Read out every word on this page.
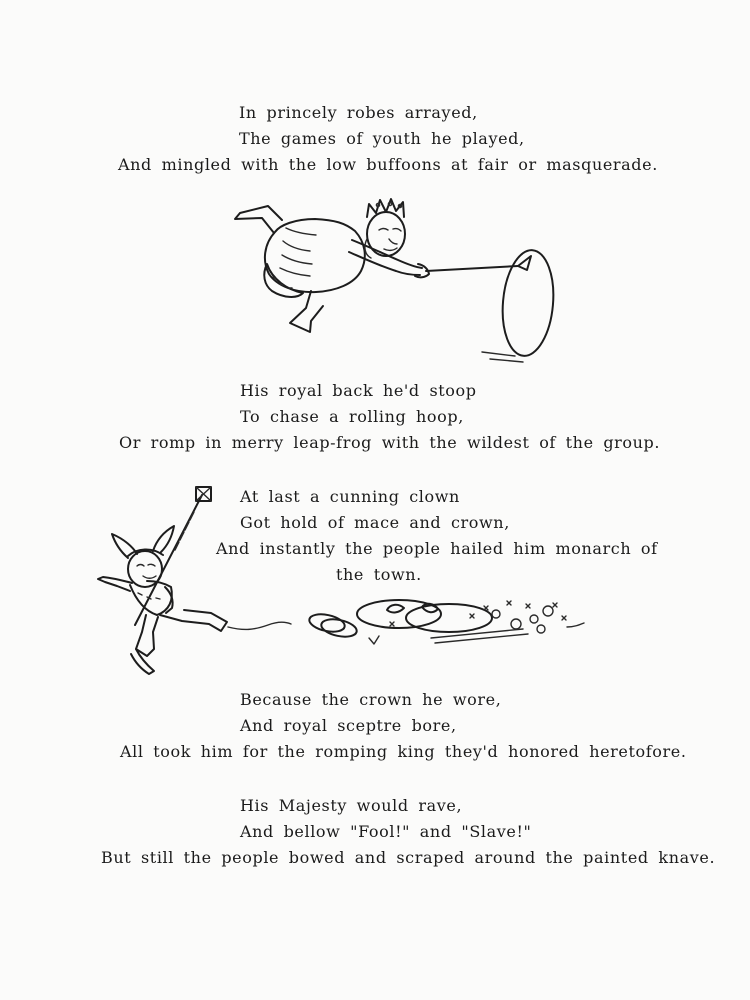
In princely robes arrayed,
The games of youth he played,
And mingled with the low buffoons at fair or masquerade.
His royal back he'd stoop
To chase a rolling hoop,
Or romp in merry leap-frog with the wildest of the group.
At last a cunning clown
Got hold of mace and crown,
And instantly the people hailed him monarch of
the town.
Because the crown he wore,
And royal sceptre bore,
All took him for the romping king they'd honored heretofore.
His Majesty would rave,
And bellow "Fool!" and "Slave!"
But still the people bowed and scraped around the painted knave.
